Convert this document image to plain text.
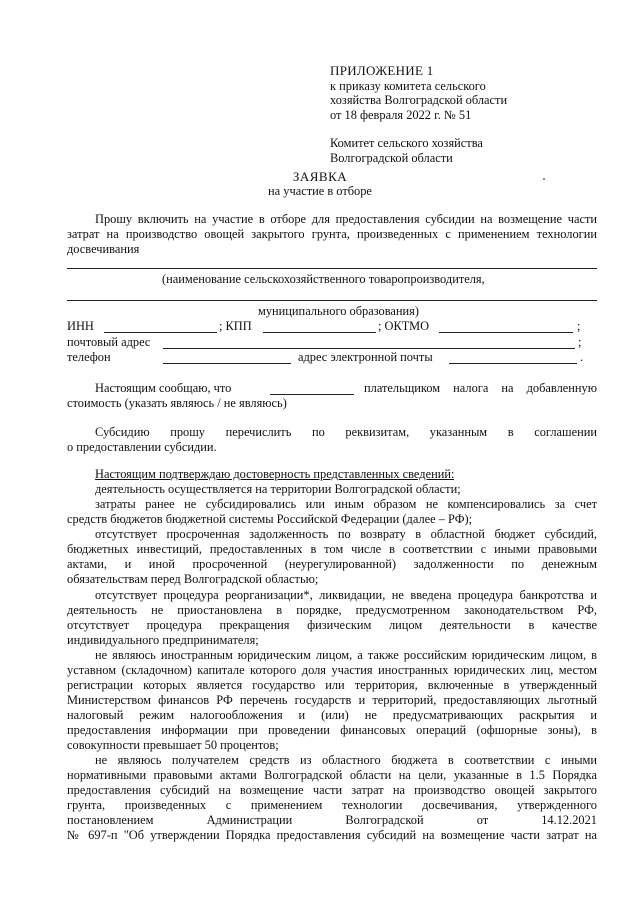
ПРИЛОЖЕНИЕ 1
к приказу комитета сельского
хозяйства Волгоградской области
от 18 февраля 2022 г. № 51
Комитет сельского хозяйства
Волгоградской области
ЗАЯВКА
на участие в отборе
Прошу включить на участие в отборе для предоставления субсидии на возмещение части
затрат на производство овощей закрытого грунта, произведенных с применением технологии
досвечивания
(наименование сельскохозяйственного товаропроизводителя,
муниципального образования)
ИНН	; КПП	; ОКТМО	;
почтовый адрес	;
телефон	адрес электронной почты	.
Настоящим сообщаю, что	плательщиком налога на добавленную
стоимость (указать являюсь / не являюсь)
Субсидию прошу перечислить по реквизитам, указанным в соглашении
о предоставлении субсидии.
Настоящим подтверждаю достоверность представленных сведений:
деятельность осуществляется на территории Волгоградской области;
затраты ранее не субсидировались или иным образом не компенсировались за счет
средств бюджетов бюджетной системы Российской Федерации (далее – РФ);
отсутствует просроченная задолженность по возврату в областной бюджет субсидий,
бюджетных инвестиций, предоставленных в том числе в соответствии с иными правовыми
актами, и иной просроченной (неурегулированной) задолженности по денежным
обязательствам перед Волгоградской областью;
отсутствует процедура реорганизации*, ликвидации, не введена процедура банкротства и
деятельность не приостановлена в порядке, предусмотренном законодательством РФ,
отсутствует процедура прекращения физическим лицом деятельности в качестве
индивидуального предпринимателя;
не являюсь иностранным юридическим лицом, а также российским юридическим лицом, в
уставном (складочном) капитале которого доля участия иностранных юридических лиц, местом
регистрации которых является государство или территория, включенные в утвержденный
Министерством финансов РФ перечень государств и территорий, предоставляющих льготный
налоговый режим налогообложения и (или) не предусматривающих раскрытия и
предоставления информации при проведении финансовых операций (офшорные зоны), в
совокупности превышает 50 процентов;
не являюсь получателем средств из областного бюджета в соответствии с иными
нормативными правовыми актами Волгоградской области на цели, указанные в 1.5 Порядка
предоставления субсидий на возмещение части затрат на производство овощей закрытого
грунта, произведенных с применением технологии досвечивания, утвержденного
постановлением Администрации Волгоградской от 14.12.2021
№ 697-п "Об утверждении Порядка предоставления субсидий на возмещение части затрат на
